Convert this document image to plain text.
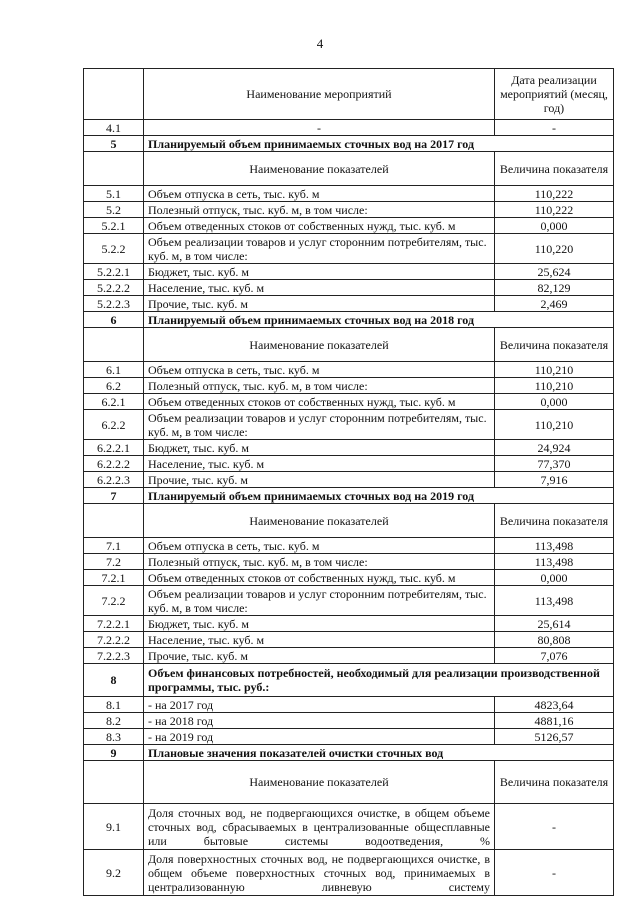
4
	Наименование мероприятий	Дата реализации мероприятий (месяц, год)
4.1	-	-
5	Планируемый объем принимаемых сточных вод на 2017 год	
	Наименование показателей	Величина показателя
5.1	Объем отпуска в сеть, тыс. куб. м	110,222
5.2	Полезный отпуск, тыс. куб. м, в том числе:	110,222
5.2.1	Объем отведенных стоков от собственных нужд, тыс. куб. м	0,000
5.2.2	Объем реализации товаров и услуг сторонним потребителям, тыс. куб. м, в том числе:	110,220
5.2.2.1	Бюджет, тыс. куб. м	25,624
5.2.2.2	Население, тыс. куб. м	82,129
5.2.2.3	Прочие, тыс. куб. м	2,469
6	Планируемый объем принимаемых сточных вод на 2018 год	
	Наименование показателей	Величина показателя
6.1	Объем отпуска в сеть, тыс. куб. м	110,210
6.2	Полезный отпуск, тыс. куб. м, в том числе:	110,210
6.2.1	Объем отведенных стоков от собственных нужд, тыс. куб. м	0,000
6.2.2	Объем реализации товаров и услуг сторонним потребителям, тыс. куб. м, в том числе:	110,210
6.2.2.1	Бюджет, тыс. куб. м	24,924
6.2.2.2	Население, тыс. куб. м	77,370
6.2.2.3	Прочие, тыс. куб. м	7,916
7	Планируемый объем принимаемых сточных вод на 2019 год	
	Наименование показателей	Величина показателя
7.1	Объем отпуска в сеть, тыс. куб. м	113,498
7.2	Полезный отпуск, тыс. куб. м, в том числе:	113,498
7.2.1	Объем отведенных стоков от собственных нужд, тыс. куб. м	0,000
7.2.2	Объем реализации товаров и услуг сторонним потребителям, тыс. куб. м, в том числе:	113,498
7.2.2.1	Бюджет, тыс. куб. м	25,614
7.2.2.2	Население, тыс. куб. м	80,808
7.2.2.3	Прочие, тыс. куб. м	7,076
8	Объем финансовых потребностей, необходимый для реализации производственной программы, тыс. руб.:	
8.1	- на 2017 год	4823,64
8.2	- на 2018 год	4881,16
8.3	- на 2019 год	5126,57
9	Плановые значения показателей очистки сточных вод	
	Наименование показателей	Величина показателя
9.1	Доля сточных вод, не подвергающихся очистке, в общем объеме сточных вод, сбрасываемых в централизованные общесплавные или бытовые системы водоотведения, %	-
9.2	Доля поверхностных сточных вод, не подвергающихся очистке, в общем объеме поверхностных сточных вод, принимаемых в централизованную ливневую систему	-
